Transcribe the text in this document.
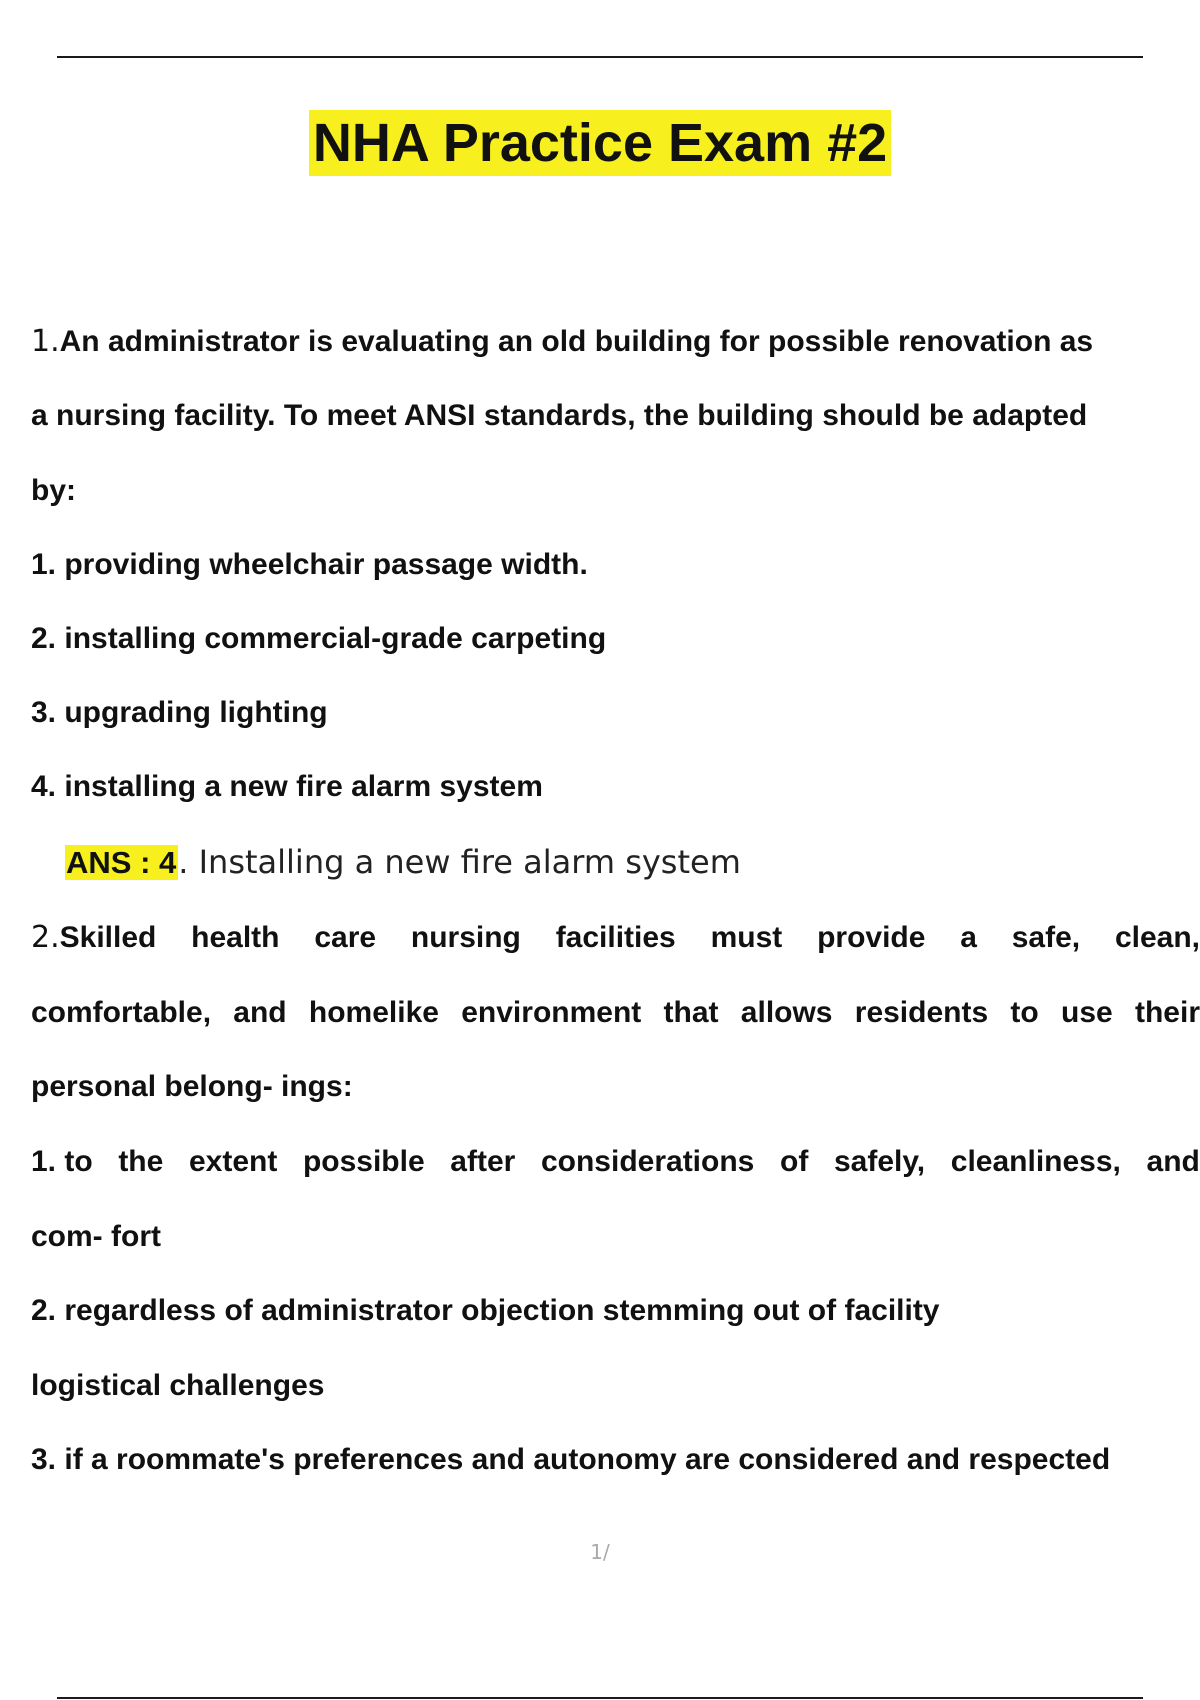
NHA Practice Exam #2
1.An administrator is evaluating an old building for possible renovation as
a nursing facility. To meet ANSI standards, the building should be adapted
by:
1. providing wheelchair passage width.
2. installing commercial-grade carpeting
3. upgrading lighting
4. installing a new fire alarm system
ANS : 4. Installing a new fire alarm system
2.Skilled health care nursing facilities must provide a safe, clean,
comfortable, and homelike environment that allows residents to use their
personal belong- ings:
1. to the extent possible after considerations of safely, cleanliness, and
com- fort
2. regardless of administrator objection stemming out of facility
logistical challenges
3. if a roommate's preferences and autonomy are considered and respected
1/
